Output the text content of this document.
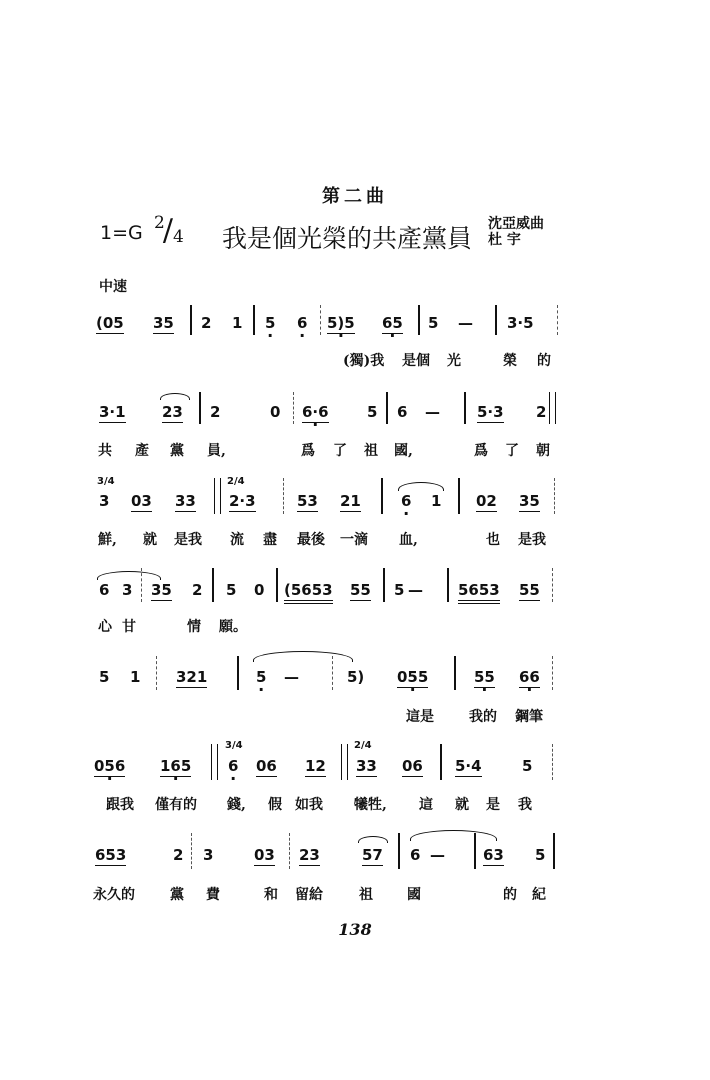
第二曲
1=G $^2/_4$ 我是個光榮的共產黨員 沈亞威曲
杜 宇
中速
(05 35 2 1 5 · 6 · 5)5 · 65 · 5 — 3·5
(獨)我 是個 光	榮 的
3·1 23 2	0 6·6 ·	5 6 — 5·3 2
共 產 黨 員,	爲 了 祖 國,	爲 了 朝
3/4	2/4
3 03 33 2·3	53 21	6 · 1 02 35
鮮, 就 是我 流 盡 最後 一滴 血,	也 是我
6 3 35 2 5 0 (5653 55 5 — 5653 55
心 甘	情 願。
5 1 321	5 · —	5) 055 ·	55 · 66 ·
這是	我的 鋼筆
3/4	2/4
056 · 165 · 6 · 06 12 33 06 5·4	5
跟我 僅有的 錢, 假 如我 犧牲, 這 就 是 我
653	2 3	03 23	57 6 —	63 5
永久的	黨 費	和 留給	祖 國	的 紀
138
